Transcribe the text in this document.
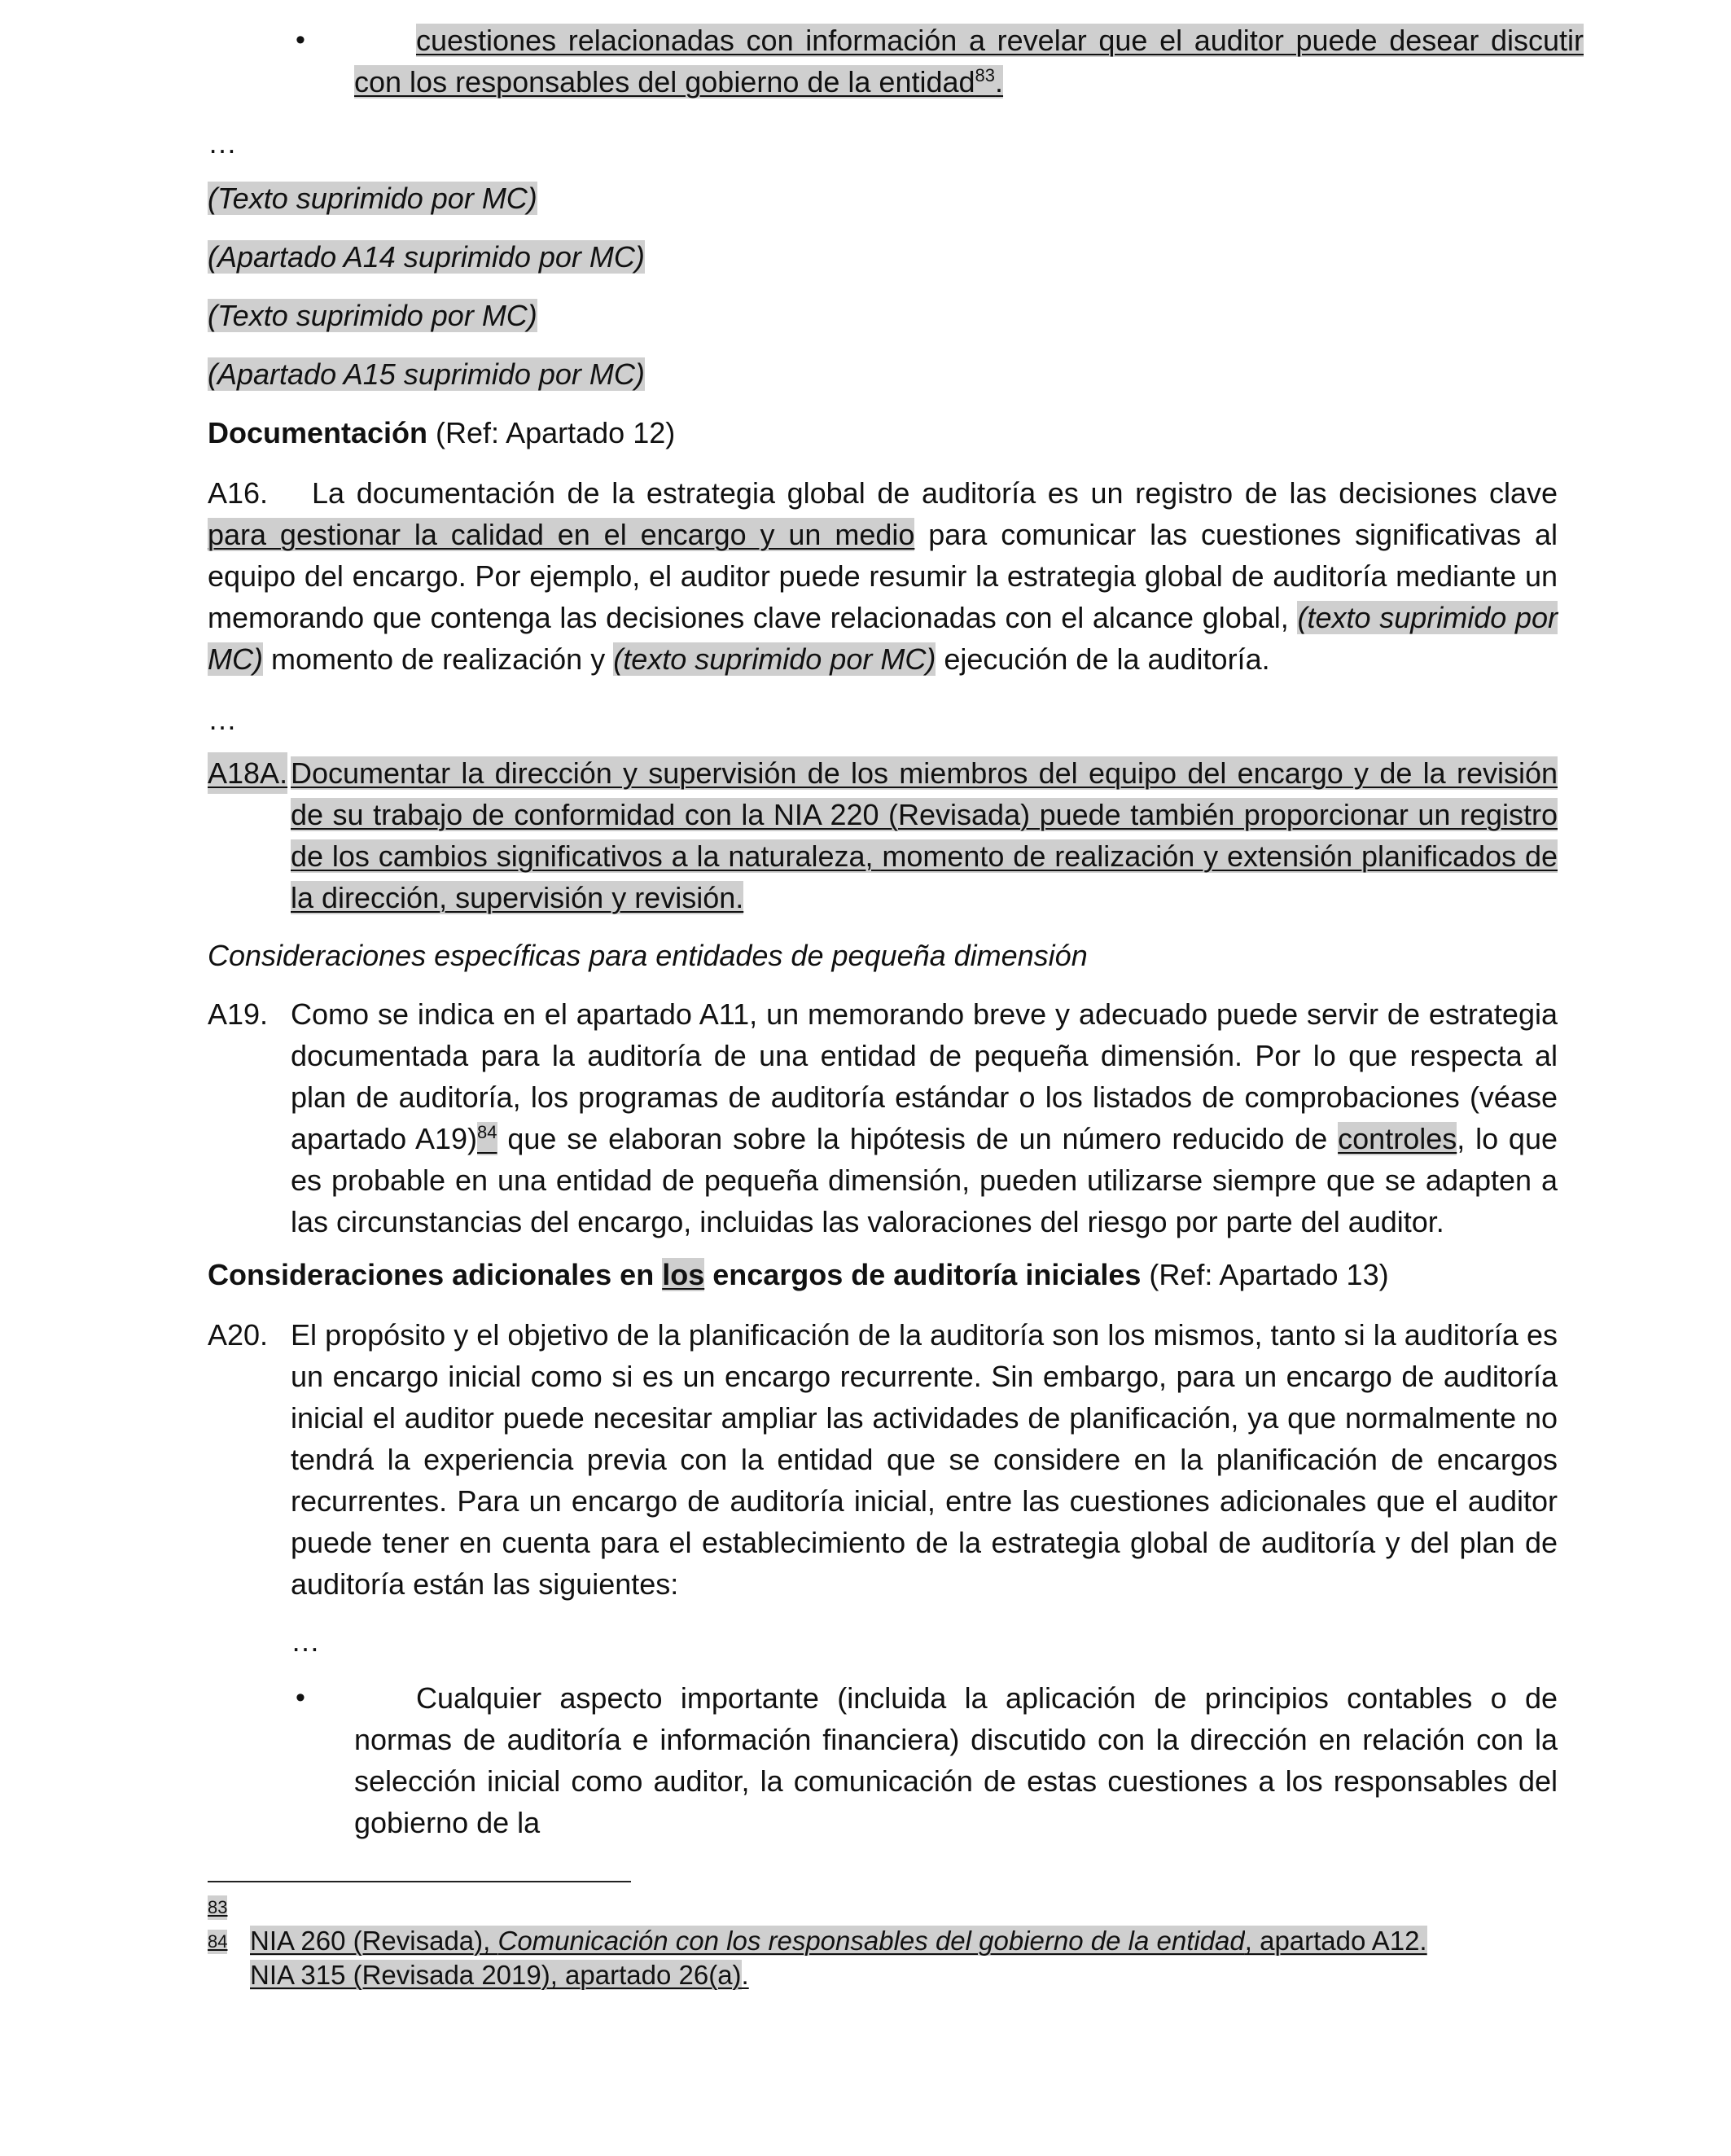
•	cuestiones relacionadas con información a revelar que el auditor puede desear discutir con los responsables del gobierno de la entidad$^{83}$.

…

(Texto suprimido por MC)

(Apartado A14 suprimido por MC)

(Texto suprimido por MC)

(Apartado A15 suprimido por MC)

Documentación (Ref: Apartado 12)

A16. La documentación de la estrategia global de auditoría es un registro de las decisiones clave para gestionar la calidad en el encargo y un medio para comunicar las cuestiones significativas al equipo del encargo. Por ejemplo, el auditor puede resumir la estrategia global de auditoría mediante un memorando que contenga las decisiones clave relacionadas con el alcance global, (texto suprimido por MC) momento de realización y (texto suprimido por MC) ejecución de la auditoría.

…

A18A. Documentar la dirección y supervisión de los miembros del equipo del encargo y de la revisión de su trabajo de conformidad con la NIA 220 (Revisada) puede también proporcionar un registro de los cambios significativos a la naturaleza, momento de realización y extensión planificados de la dirección, supervisión y revisión.

Consideraciones específicas para entidades de pequeña dimensión

A19. Como se indica en el apartado A11, un memorando breve y adecuado puede servir de estrategia documentada para la auditoría de una entidad de pequeña dimensión. Por lo que respecta al plan de auditoría, los programas de auditoría estándar o los listados de comprobaciones (véase apartado A19)$^{84}$ que se elaboran sobre la hipótesis de un número reducido de controles, lo que es probable en una entidad de pequeña dimensión, pueden utilizarse siempre que se adapten a las circunstancias del encargo, incluidas las valoraciones del riesgo por parte del auditor.

Consideraciones adicionales en los encargos de auditoría iniciales (Ref: Apartado 13)

A20. El propósito y el objetivo de la planificación de la auditoría son los mismos, tanto si la auditoría es un encargo inicial como si es un encargo recurrente. Sin embargo, para un encargo de auditoría inicial el auditor puede necesitar ampliar las actividades de planificación, ya que normalmente no tendrá la experiencia previa con la entidad que se considere en la planificación de encargos recurrentes. Para un encargo de auditoría inicial, entre las cuestiones adicionales que el auditor puede tener en cuenta para el establecimiento de la estrategia global de auditoría y del plan de auditoría están las siguientes:

…

•	Cualquier aspecto importante (incluida la aplicación de principios contables o de normas de auditoría e información financiera) discutido con la dirección en relación con la selección inicial como auditor, la comunicación de estas cuestiones a los responsables del gobierno de la

83

NIA 260 (Revisada), Comunicación con los responsables del gobierno de la entidad, apartado A12.

84

NIA 315 (Revisada 2019), apartado 26(a).
